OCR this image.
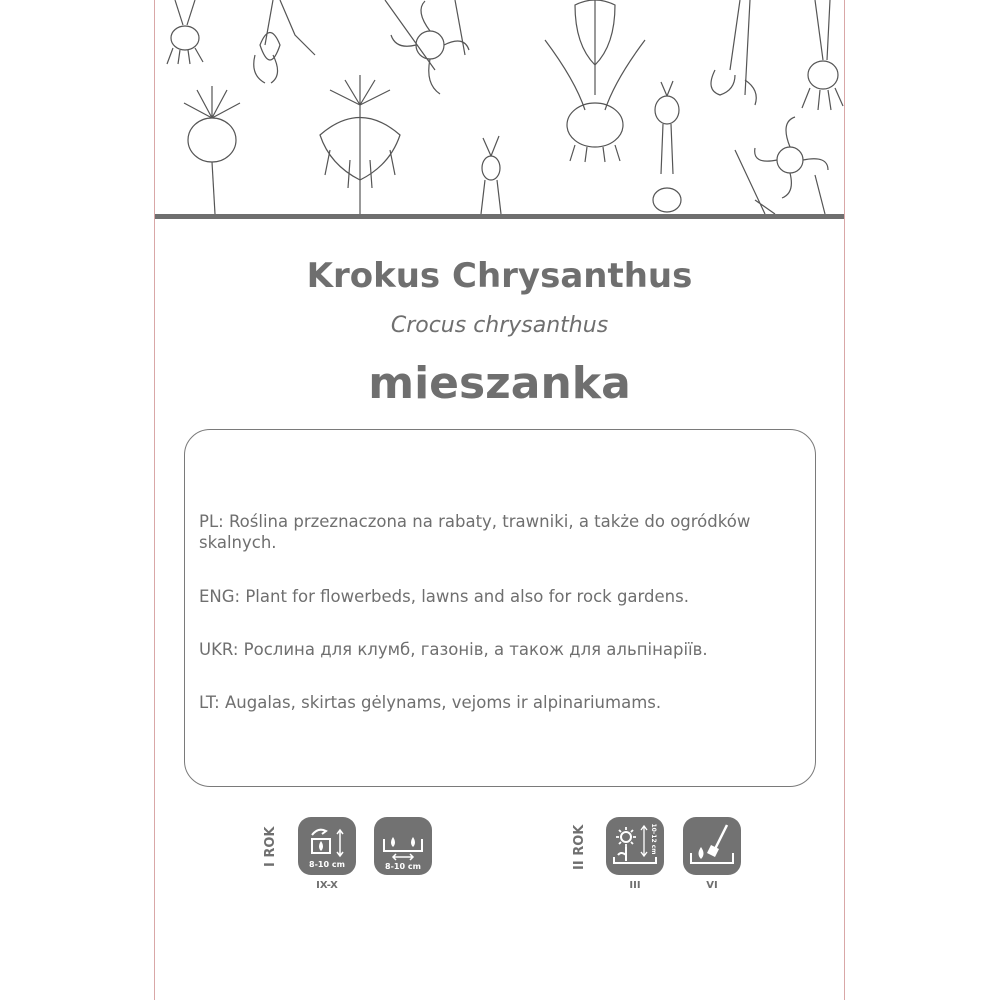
Krokus Chrysanthus
Crocus chrysanthus
mieszanka
PL: Roślina przeznaczona na rabaty, trawniki, a także do ogródków skalnych.
ENG: Plant for flowerbeds, lawns and also for rock gardens.
UKR: Рослина для клумб, газонів, а також для альпінаріїв.
LT: Augalas, skirtas gėlynams, vejoms ir alpinariumams.
I ROK	8-10 cm
IX-X
8-10 cm	II ROK	10-12 cm
III	VI
